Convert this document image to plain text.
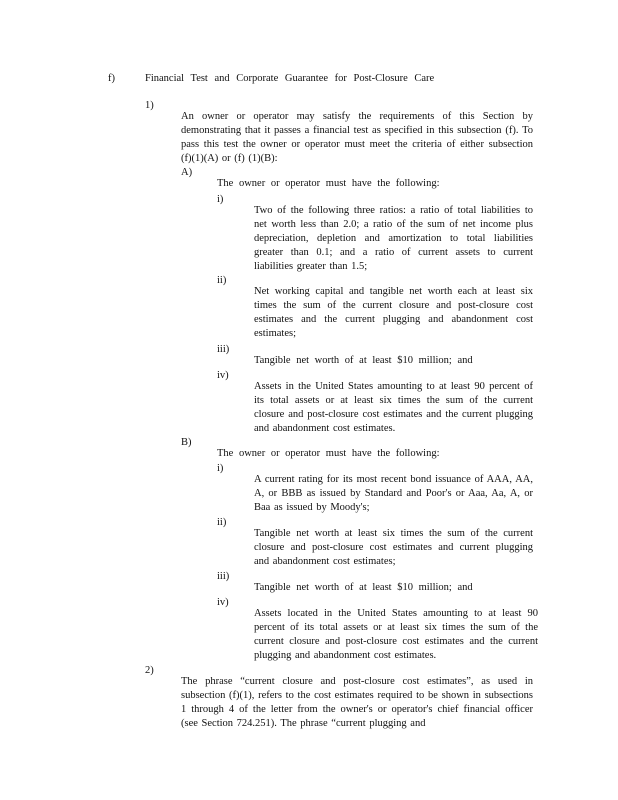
f)	Financial Test and Corporate Guarantee for Post-Closure Care
1)

An owner or operator may satisfy the requirements of this Section by demonstrating that it passes a financial test as specified in this subsection (f). To pass this test the owner or operator must meet the criteria of either subsection (f)(1)(A) or (f) (1)(B):

A)

The owner or operator must have the following:

i)

Two of the following three ratios: a ratio of total liabilities to net worth less than 2.0; a ratio of the sum of net income plus depreciation, depletion and amortization to total liabilities greater than 0.1; and a ratio of current assets to current liabilities greater than 1.5;

ii)

Net working capital and tangible net worth each at least six times the sum of the current closure and post-closure cost estimates and the current plugging and abandonment cost estimates;

iii)

Tangible net worth of at least $10 million; and

iv)

Assets in the United States amounting to at least 90 percent of its total assets or at least six times the sum of the current closure and post-closure cost estimates and the current plugging and abandonment cost estimates.

B)

The owner or operator must have the following:

i)

A current rating for its most recent bond issuance of AAA, AA, A, or BBB as issued by Standard and Poor's or Aaa, Aa, A, or Baa as issued by Moody's;

ii)

Tangible net worth at least six times the sum of the current closure and post-closure cost estimates and current plugging and abandonment cost estimates;

iii)

Tangible net worth of at least $10 million; and

iv)

Assets located in the United States amounting to at least 90 percent of its total assets or at least six times the sum of the current closure and post-closure cost estimates and the current plugging and abandonment cost estimates.

2)

The phrase “current closure and post-closure cost estimates”, as used in subsection (f)(1), refers to the cost estimates required to be shown in subsections 1 through 4 of the letter from the owner's or operator's chief financial officer (see Section 724.251). The phrase “current plugging and
